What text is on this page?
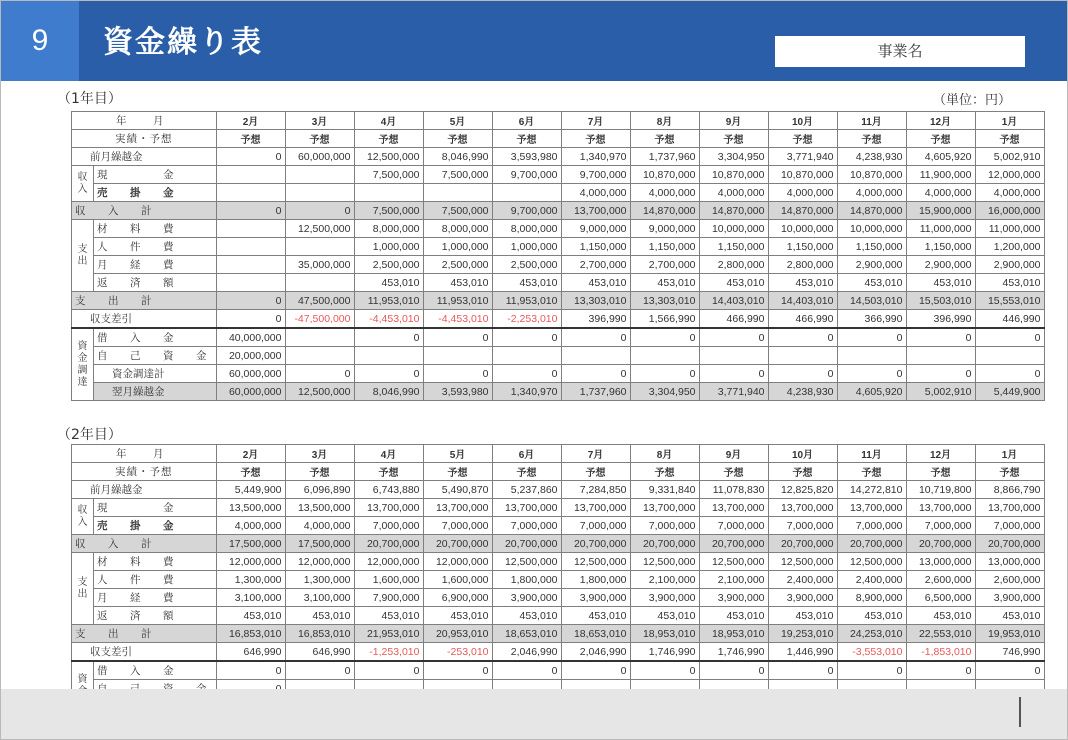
9	資金繰り表	事業名
（1年目）	（単位：円）
年　月		2月	3月	4月	5月	6月	7月	8月	9月	10月	11月	12月	1月
実績・予想		予想	予想	予想	予想	予想	予想	予想	予想	予想	予想	予想	予想
前月繰越金		0	60,000,000	12,500,000	8,046,990	3,593,980	1,340,970	1,737,960	3,304,950	3,771,940	4,238,930	4,605,920	5,002,910
収
入	現　　　金			7,500,000	7,500,000	9,700,000	9,700,000	10,870,000	10,870,000	10,870,000	10,870,000	11,900,000	12,000,000
	売　掛　金						4,000,000	4,000,000	4,000,000	4,000,000	4,000,000	4,000,000	4,000,000
収　入　計		0	0	7,500,000	7,500,000	9,700,000	13,700,000	14,870,000	14,870,000	14,870,000	14,870,000	15,900,000	16,000,000
支
出	材　料　費		12,500,000	8,000,000	8,000,000	8,000,000	9,000,000	9,000,000	10,000,000	10,000,000	10,000,000	11,000,000	11,000,000
	人　件　費			1,000,000	1,000,000	1,000,000	1,150,000	1,150,000	1,150,000	1,150,000	1,150,000	1,150,000	1,200,000
	月　経　費		35,000,000	2,500,000	2,500,000	2,500,000	2,700,000	2,700,000	2,800,000	2,800,000	2,900,000	2,900,000	2,900,000
	返　済　額			453,010	453,010	453,010	453,010	453,010	453,010	453,010	453,010	453,010	453,010
支　出　計		0	47,500,000	11,953,010	11,953,010	11,953,010	13,303,010	13,303,010	14,403,010	14,403,010	14,503,010	15,503,010	15,553,010
収支差引		0	-47,500,000	-4,453,010	-4,453,010	-2,253,010	396,990	1,566,990	466,990	466,990	366,990	396,990	446,990
資
金
調
達	借　入　金	40,000,000		0	0	0	0	0	0	0	0	0	0
	自　己　資　金	20,000,000											
	資金調達計	60,000,000	0	0	0	0	0	0	0	0	0	0	0
	翌月繰越金	60,000,000	12,500,000	8,046,990	3,593,980	1,340,970	1,737,960	3,304,950	3,771,940	4,238,930	4,605,920	5,002,910	5,449,900
（2年目）
年　月		2月	3月	4月	5月	6月	7月	8月	9月	10月	11月	12月	1月
実績・予想		予想	予想	予想	予想	予想	予想	予想	予想	予想	予想	予想	予想
前月繰越金		5,449,900	6,096,890	6,743,880	5,490,870	5,237,860	7,284,850	9,331,840	11,078,830	12,825,820	14,272,810	10,719,800	8,866,790
収
入	現　　　金	13,500,000	13,500,000	13,700,000	13,700,000	13,700,000	13,700,000	13,700,000	13,700,000	13,700,000	13,700,000	13,700,000	13,700,000
	売　掛　金	4,000,000	4,000,000	7,000,000	7,000,000	7,000,000	7,000,000	7,000,000	7,000,000	7,000,000	7,000,000	7,000,000	7,000,000
収　入　計		17,500,000	17,500,000	20,700,000	20,700,000	20,700,000	20,700,000	20,700,000	20,700,000	20,700,000	20,700,000	20,700,000	20,700,000
支
出	材　料　費	12,000,000	12,000,000	12,000,000	12,000,000	12,500,000	12,500,000	12,500,000	12,500,000	12,500,000	12,500,000	13,000,000	13,000,000
	人　件　費	1,300,000	1,300,000	1,600,000	1,600,000	1,800,000	1,800,000	2,100,000	2,100,000	2,400,000	2,400,000	2,600,000	2,600,000
	月　経　費	3,100,000	3,100,000	7,900,000	6,900,000	3,900,000	3,900,000	3,900,000	3,900,000	3,900,000	8,900,000	6,500,000	3,900,000
	返　済　額	453,010	453,010	453,010	453,010	453,010	453,010	453,010	453,010	453,010	453,010	453,010	453,010
支　出　計		16,853,010	16,853,010	21,953,010	20,953,010	18,653,010	18,653,010	18,953,010	18,953,010	19,253,010	24,253,010	22,553,010	19,953,010
収支差引		646,990	646,990	-1,253,010	-253,010	2,046,990	2,046,990	1,746,990	1,746,990	1,446,990	-3,553,010	-1,853,010	746,990
資	借　入　金	0	0	0	0	0	0	0	0	0	0	0	0
